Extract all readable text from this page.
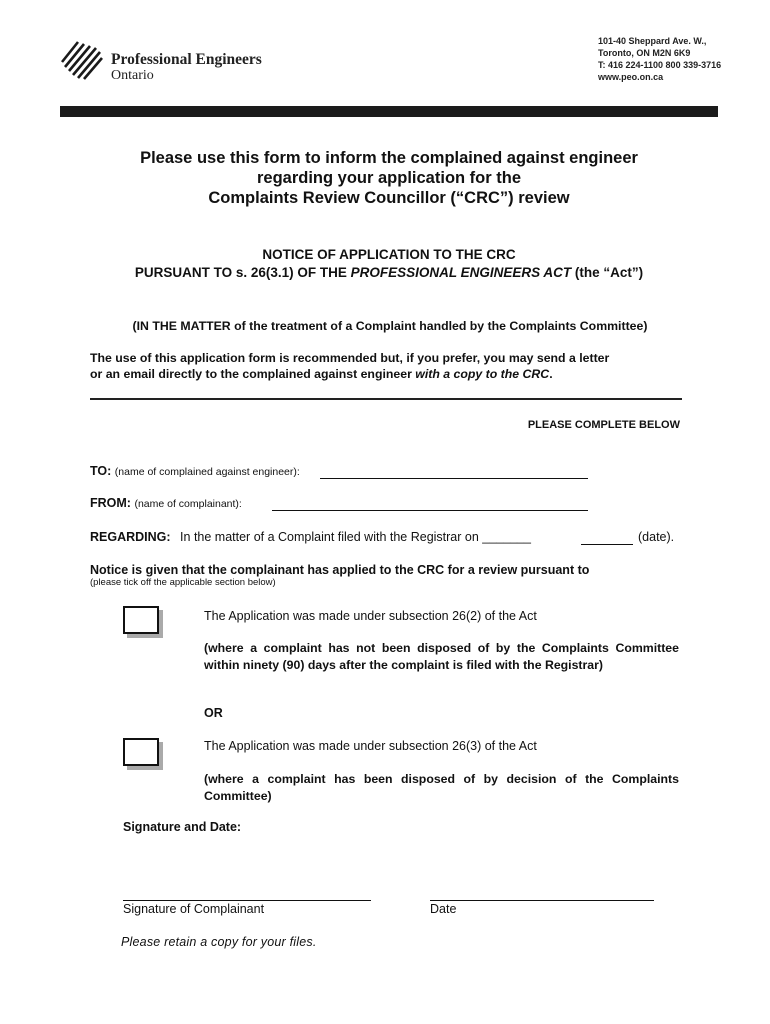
Professional Engineers
Ontario
101-40 Sheppard Ave. W.,
Toronto, ON M2N 6K9
T: 416 224-1100 800 339-3716
www.peo.on.ca
Please use this form to inform the complained against engineer
regarding your application for the
Complaints Review Councillor (“CRC”) review
NOTICE OF APPLICATION TO THE CRC
PURSUANT TO s. 26(3.1) OF THE PROFESSIONAL ENGINEERS ACT (the “Act”)
(IN THE MATTER of the treatment of a Complaint handled by the Complaints Committee)
The use of this application form is recommended but, if you prefer, you may send a letter
or an email directly to the complained against engineer with a copy to the CRC.
PLEASE COMPLETE BELOW
TO: (name of complained against engineer):
FROM: (name of complainant):
REGARDING: In the matter of a Complaint filed with the Registrar on _______	(date).
Notice is given that the complainant has applied to the CRC for a review pursuant to
(please tick off the applicable section below)
The Application was made under subsection 26(2) of the Act
(where a complaint has not been disposed of by the Complaints Committee within ninety (90) days after the complaint is filed with the Registrar)
OR
The Application was made under subsection 26(3) of the Act
(where a complaint has been disposed of by decision of the Complaints Committee)
Signature and Date:
Signature of Complainant	Date
Please retain a copy for your files.
